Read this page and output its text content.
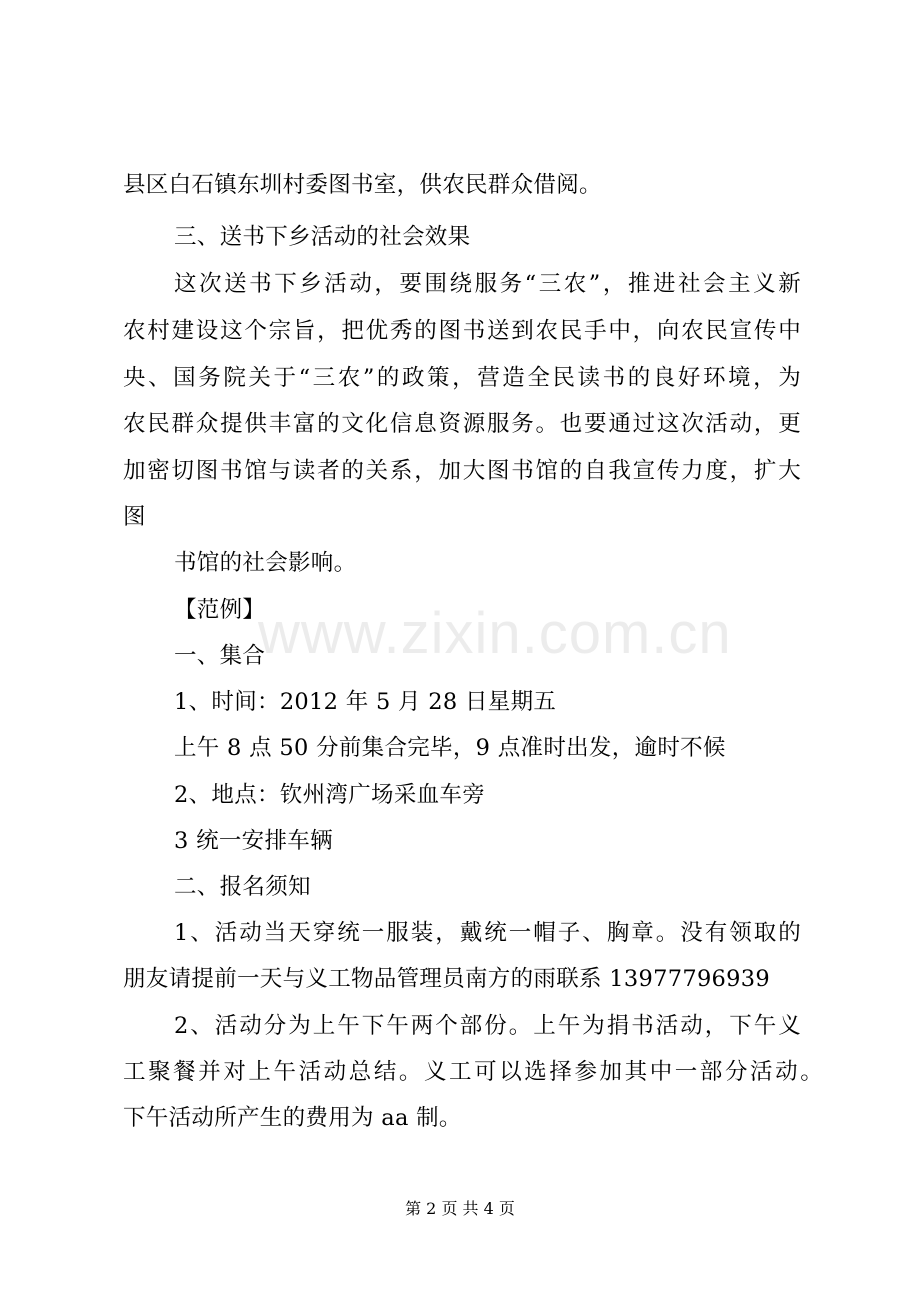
www.zixin.com.cn
县区白石镇东圳村委图书室，供农民群众借阅。
三、送书下乡活动的社会效果
这次送书下乡活动，要围绕服务“三农”，推进社会主义新
农村建设这个宗旨，把优秀的图书送到农民手中，向农民宣传中
央、国务院关于“三农”的政策，营造全民读书的良好环境，为
农民群众提供丰富的文化信息资源服务。也要通过这次活动，更
加密切图书馆与读者的关系，加大图书馆的自我宣传力度，扩大
图
书馆的社会影响。
【范例】
一、集合
1、时间：2012 年 5 月 28 日星期五
上午 8 点 50 分前集合完毕，9 点准时出发，逾时不候
2、地点：钦州湾广场采血车旁
3 统一安排车辆
二、报名须知
1、活动当天穿统一服装，戴统一帽子、胸章。没有领取的
朋友请提前一天与义工物品管理员南方的雨联系 13977796939
2、活动分为上午下午两个部份。上午为捐书活动，下午义
工聚餐并对上午活动总结。义工可以选择参加其中一部分活动。
下午活动所产生的费用为 aa 制。
第 2 页 共 4 页
